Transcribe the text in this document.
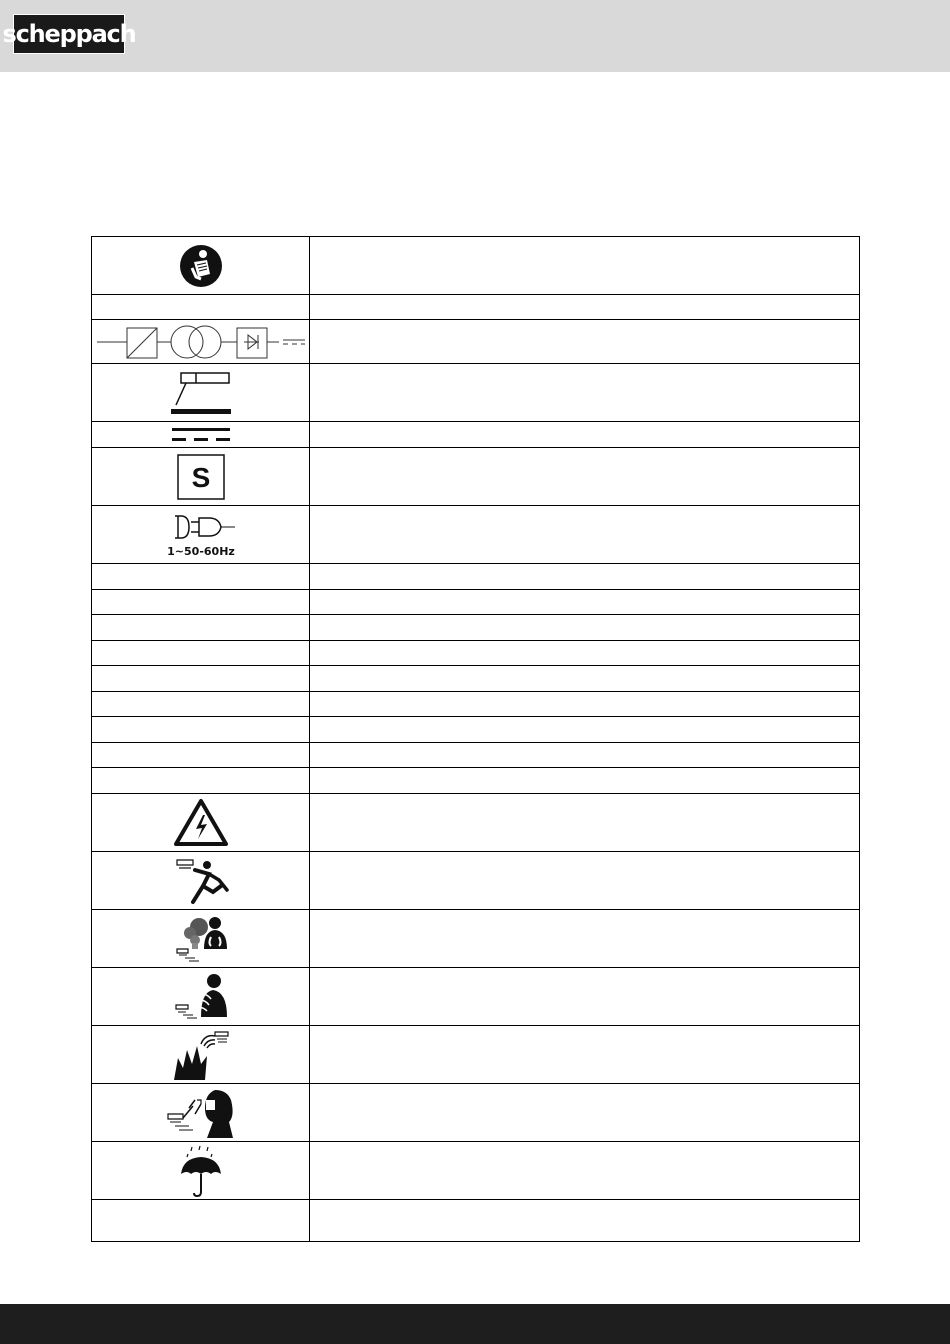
scheppach

S	

1~50-60Hz	
